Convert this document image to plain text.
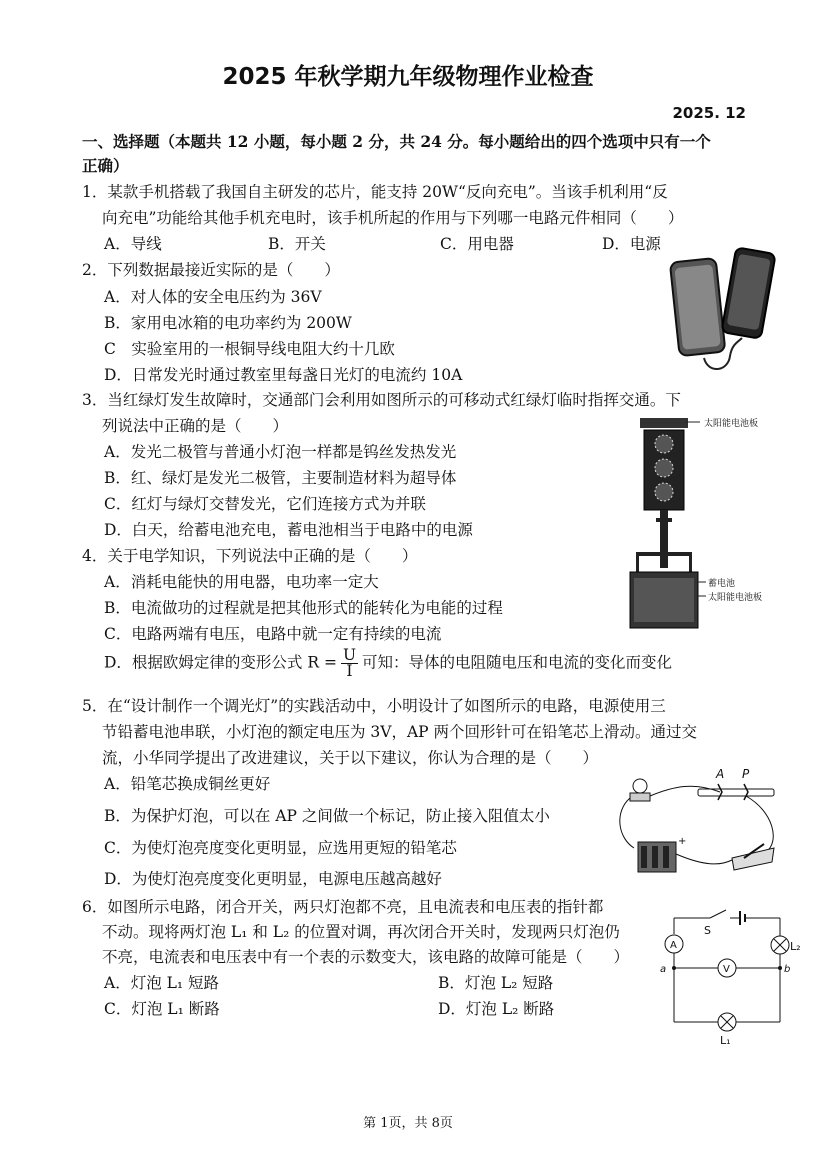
2025 年秋学期九年级物理作业检查
2025. 12
一、选择题（本题共 12 小题，每小题 2 分，共 24 分。每小题给出的四个选项中只有一个
正确）
1．某款手机搭载了我国自主研发的芯片，能支持 20W“反向充电”。当该手机利用“反
向充电”功能给其他手机充电时，该手机所起的作用与下列哪一电路元件相同（　　）
A．导线	B．开关	C．用电器	D．电源
2．下列数据最接近实际的是（　　）
A．对人体的安全电压约为 36V
B．家用电冰箱的电功率约为 200W
C　实验室用的一根铜导线电阻大约十几欧
D．日常发光时通过教室里每盏日光灯的电流约 10A
3．当红绿灯发生故障时，交通部门会利用如图所示的可移动式红绿灯临时指挥交通。下
列说法中正确的是（　　）
A．发光二极管与普通小灯泡一样都是钨丝发热发光
B．红、绿灯是发光二极管，主要制造材料为超导体
C．红灯与绿灯交替发光，它们连接方式为并联
D．白天，给蓄电池充电，蓄电池相当于电路中的电源
太阳能电池板
蓄电池
太阳能电池板
4．关于电学知识，下列说法中正确的是（　　）
A．消耗电能快的用电器，电功率一定大
B．电流做功的过程就是把其他形式的能转化为电能的过程
C．电路两端有电压，电路中就一定有持续的电流
D．根据欧姆定律的变形公式 $R = \frac{U}{I}$ 可知：导体的电阻随电压和电流的变化而变化
5．在“设计制作一个调光灯”的实践活动中，小明设计了如图所示的电路，电源使用三
节铅蓄电池串联，小灯泡的额定电压为 3V，AP 两个回形针可在铅笔芯上滑动。通过交
流，小华同学提出了改进建议，关于以下建议，你认为合理的是（　　）
A．铅笔芯换成铜丝更好
B．为保护灯泡，可以在 AP 之间做一个标记，防止接入阻值太小
C．为使灯泡亮度变化更明显，应选用更短的铅笔芯
D．为使灯泡亮度变化更明显，电源电压越高越好
A P
+
6．如图所示电路，闭合开关，两只灯泡都不亮，且电流表和电压表的指针都
不动。现将两灯泡 L₁ 和 L₂ 的位置对调，再次闭合开关时，发现两只灯泡仍
不亮，电流表和电压表中有一个表的示数变大，该电路的故障可能是（　　）
A．灯泡 L₁ 短路	B．灯泡 L₂ 短路
C．灯泡 L₁ 断路	D．灯泡 L₂ 断路
S
A	L₂
a	b
V
L₁
第 1页，共 8页
